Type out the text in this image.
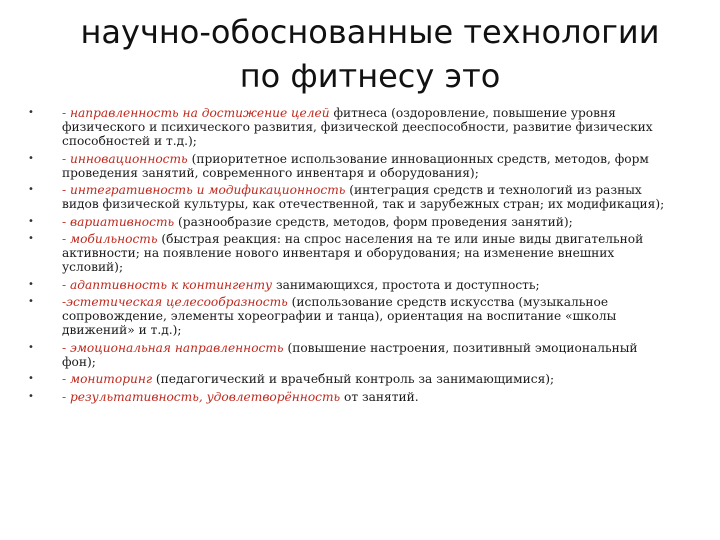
научно-обоснованные технологии
по фитнесу это
•	- направленность на достижение целей фитнеса (оздоровление, повышение уровня физического и психического развития, физической дееспособности, развитие физических способностей и т.д.);
•	- инновационность (приоритетное использование инновационных средств, методов, форм проведения занятий, современного инвентаря и оборудования);
•	- интегративность и модификационность (интеграция средств и технологий из разных видов физической культуры, как отечественной, так и зарубежных стран; их модификация);
•	- вариативность (разнообразие средств, методов, форм проведения занятий);
•	- мобильность (быстрая реакция: на спрос населения на те или иные виды двигательной активности; на появление нового инвентаря и оборудования; на изменение внешних условий);
•	- адаптивность к контингенту занимающихся, простота и доступность;
•	-эстетическая целесообразность (использование средств искусства (музыкальное сопровождение, элементы хореографии и танца), ориентация на воспитание «школы движений» и т.д.);
•	- эмоциональная направленность (повышение настроения, позитивный эмоциональный фон);
•	- мониторинг (педагогический и врачебный контроль за занимающимися);
•	- результативность, удовлетворённость от занятий.
